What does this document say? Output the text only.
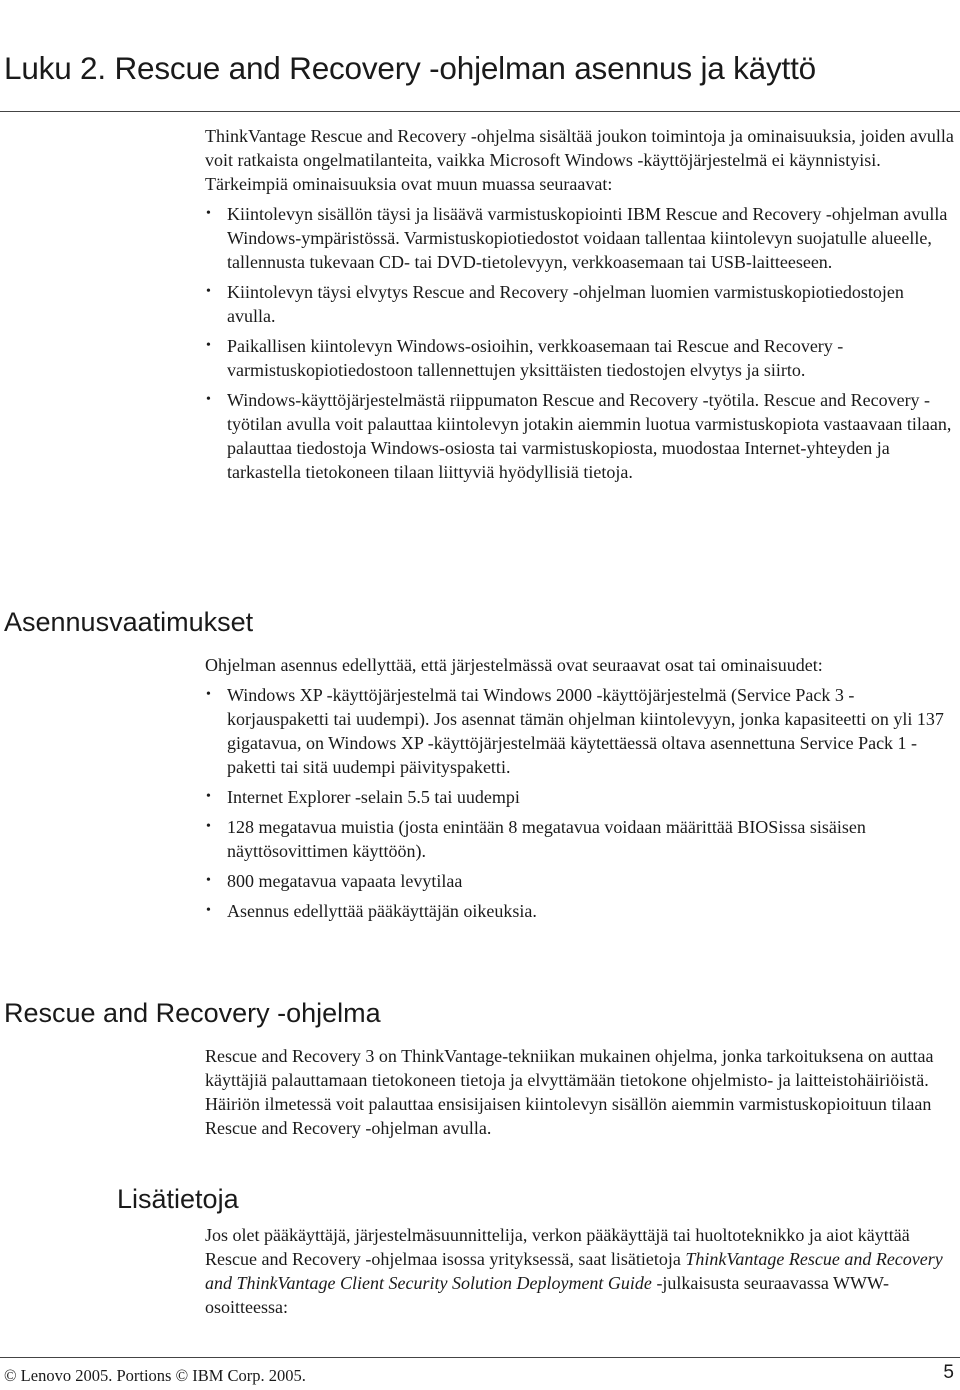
Luku 2. Rescue and Recovery -ohjelman asennus ja käyttö

ThinkVantage Rescue and Recovery -ohjelma sisältää joukon toimintoja ja ominaisuuksia, joiden avulla voit ratkaista ongelmatilanteita, vaikka Microsoft Windows -käyttöjärjestelmä ei käynnistyisi. Tärkeimpiä ominaisuuksia ovat muun muassa seuraavat:

• Kiintolevyn sisällön täysi ja lisäävä varmistuskopiointi IBM Rescue and Recovery -ohjelman avulla Windows-ympäristössä. Varmistuskopiotiedostot voidaan tallentaa kiintolevyn suojatulle alueelle, tallennusta tukevaan CD- tai DVD-tietolevyyn, verkkoasemaan tai USB-laitteeseen.
• Kiintolevyn täysi elvytys Rescue and Recovery -ohjelman luomien varmistuskopiotiedostojen avulla.
• Paikallisen kiintolevyn Windows-osioihin, verkkoasemaan tai Rescue and Recovery -varmistuskopiotiedostoon tallennettujen yksittäisten tiedostojen elvytys ja siirto.
• Windows-käyttöjärjestelmästä riippumaton Rescue and Recovery -työtila. Rescue and Recovery -työtilan avulla voit palauttaa kiintolevyn jotakin aiemmin luotua varmistuskopiota vastaavaan tilaan, palauttaa tiedostoja Windows-osiosta tai varmistuskopiosta, muodostaa Internet-yhteyden ja tarkastella tietokoneen tilaan liittyviä hyödyllisiä tietoja.
Asennusvaatimukset

Ohjelman asennus edellyttää, että järjestelmässä ovat seuraavat osat tai ominaisuudet:

• Windows XP -käyttöjärjestelmä tai Windows 2000 -käyttöjärjestelmä (Service Pack 3 -korjauspaketti tai uudempi). Jos asennat tämän ohjelman kiintolevyyn, jonka kapasiteetti on yli 137 gigatavua, on Windows XP -käyttöjärjestelmää käytettäessä oltava asennettuna Service Pack 1 -paketti tai sitä uudempi päivityspaketti.
• Internet Explorer -selain 5.5 tai uudempi
• 128 megatavua muistia (josta enintään 8 megatavua voidaan määrittää BIOSissa sisäisen näyttösovittimen käyttöön).
• 800 megatavua vapaata levytilaa
• Asennus edellyttää pääkäyttäjän oikeuksia.
Rescue and Recovery -ohjelma

Rescue and Recovery 3 on ThinkVantage-tekniikan mukainen ohjelma, jonka tarkoituksena on auttaa käyttäjiä palauttamaan tietokoneen tietoja ja elvyttämään tietokone ohjelmisto- ja laitteistohäiriöistä. Häiriön ilmetessä voit palauttaa ensisijaisen kiintolevyn sisällön aiemmin varmistuskopioituun tilaan Rescue and Recovery -ohjelman avulla.

Lisätietoja

Jos olet pääkäyttäjä, järjestelmäsuunnittelija, verkon pääkäyttäjä tai huoltoteknikko ja aiot käyttää Rescue and Recovery -ohjelmaa isossa yrityksessä, saat lisätietoja ThinkVantage Rescue and Recovery and ThinkVantage Client Security Solution Deployment Guide -julkaisusta seuraavassa WWW-osoitteessa:

© Lenovo 2005. Portions © IBM Corp. 2005.	5
